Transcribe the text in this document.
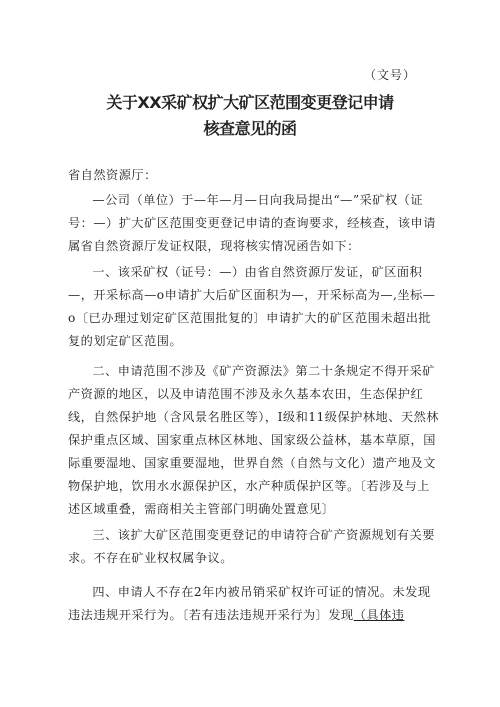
（文号）
关于XX采矿权扩大矿区范围变更登记申请
核查意见的函

省自然资源厅：

—公司（单位）于—年—月—日向我局提出“—”采矿权（证号：—）扩大矿区范围变更登记申请的查询要求，经核查，该申请属省自然资源厅发证权限，现将核实情况函告如下：

一、该采矿权（证号：—）由省自然资源厅发证，矿区面积—，开采标高—o申请扩大后矿区面积为—，开采标高为—,坐标—o〔已办理过划定矿区范围批复的〕申请扩大的矿区范围未超出批复的划定矿区范围。

二、申请范围不涉及《矿产资源法》第二十条规定不得开采矿产资源的地区，以及申请范围不涉及永久基本农田，生态保护红线，自然保护地（含风景名胜区等），I级和11级保护林地、天然林保护重点区域、国家重点林区林地、国家级公益林，基本草原，国际重要湿地、国家重要湿地，世界自然（自然与文化）遗产地及文物保护地，饮用水水源保护区，水产种质保护区等。〔若涉及与上述区域重叠，需商相关主管部门明确处置意见〕

三、该扩大矿区范围变更登记的申请符合矿产资源规划有关要求。不存在矿业权权属争议。

四、申请人不存在2年内被吊销采矿权许可证的情况。未发现违法违规开采行为。〔若有违法违规开采行为〕发现（具体违
